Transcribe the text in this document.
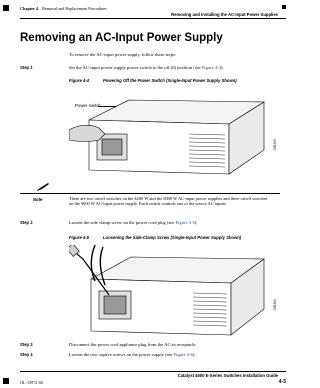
Chapter 4 Removal and Replacement Procedures
Removing and Installing the AC-Input Power Supplies
Removing an AC-Input Power Supply
To remove the AC-input power supply, follow these steps:
Step 1	Set the AC-input power supply power switch to the off (0) position (see Figure 4-4).
Figure 4-4	Powering Off the Power Switch (Single-Input Power Supply Shown)
Power switch
190453
Note	There are two on/off switches on the 4200 W and the 6000 W AC-input power supplies and three on/off switches on the 9000 W AC-input power supply. Each switch controls one of the source AC inputs.
Step 2	Loosen the side clamp screw on the power cord plug (see Figure 4-5).
Figure 4-5	Loosening the Side-Clamp Screw (Single-Input Power Supply Shown)
190454
Step 3	Disconnect the power cord appliance plug from the AC-in receptacle.
Step 4	Loosen the two captive screws on the power supply (see Figure 4-6).
Catalyst 4500 E-Series Switches Installation Guide
OL-13972-02	4-5
